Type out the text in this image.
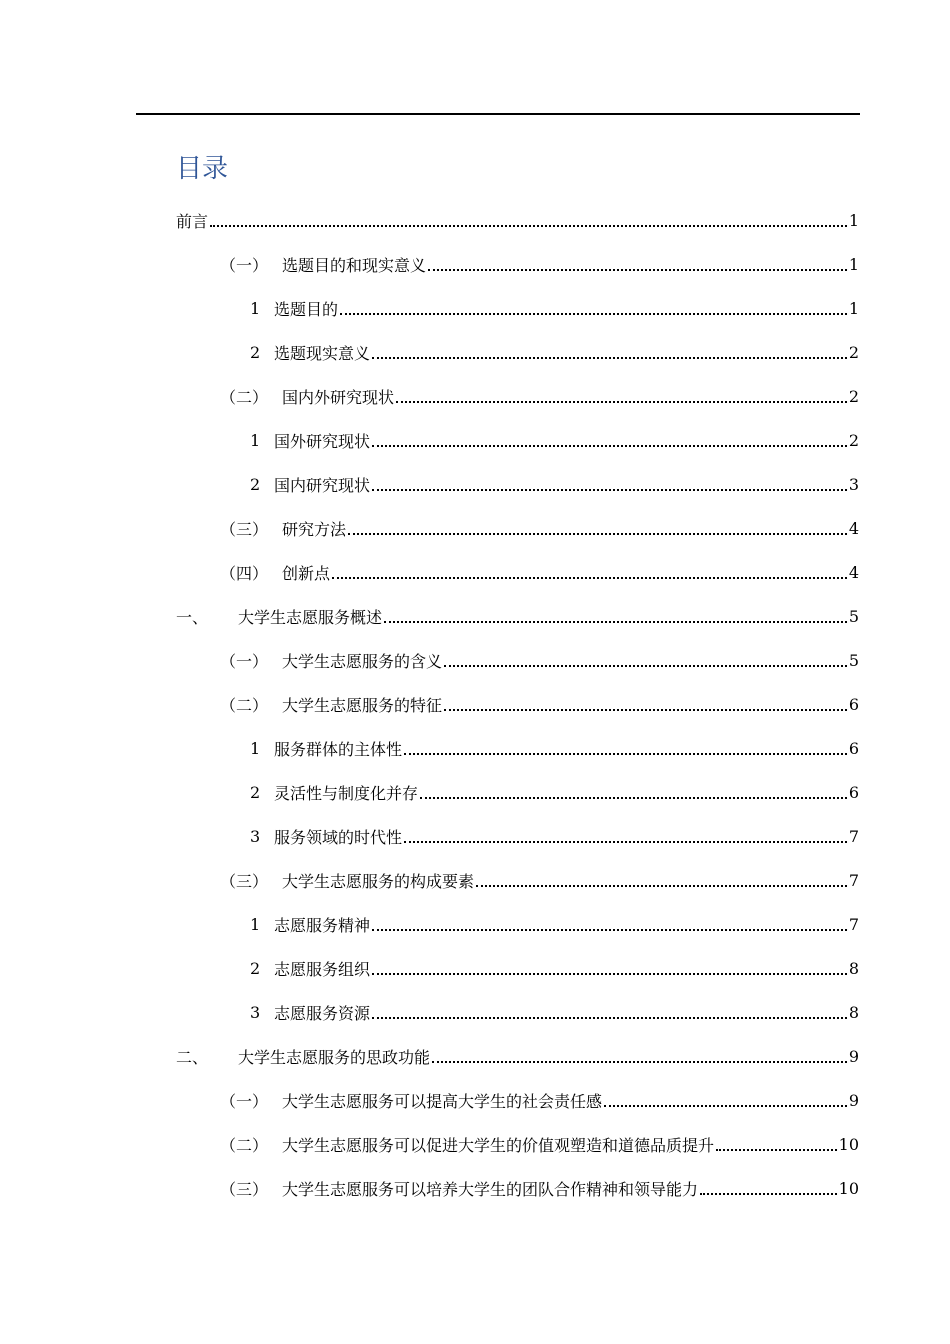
目录
前言	1
（一） 选题目的和现实意义	1
1 选题目的	1
2 选题现实意义	2
（二） 国内外研究现状	2
1 国外研究现状	2
2 国内研究现状	3
（三） 研究方法	4
（四） 创新点	4
一、	大学生志愿服务概述	5
（一） 大学生志愿服务的含义	5
（二） 大学生志愿服务的特征	6
1 服务群体的主体性	6
2 灵活性与制度化并存	6
3 服务领域的时代性	7
（三） 大学生志愿服务的构成要素	7
1 志愿服务精神	7
2 志愿服务组织	8
3 志愿服务资源	8
二、	大学生志愿服务的思政功能	9
（一） 大学生志愿服务可以提高大学生的社会责任感	9
（二） 大学生志愿服务可以促进大学生的价值观塑造和道德品质提升	10
（三） 大学生志愿服务可以培养大学生的团队合作精神和领导能力	10
